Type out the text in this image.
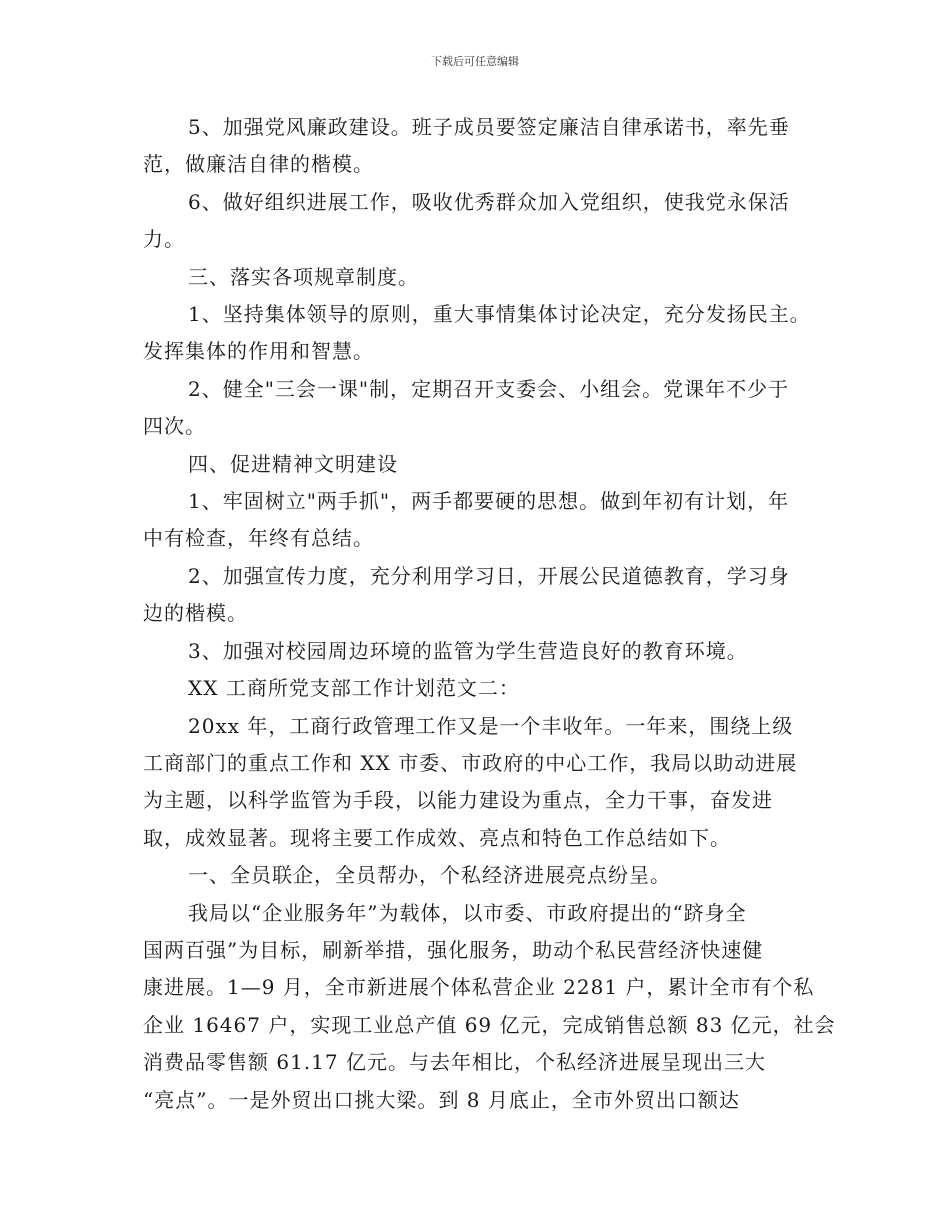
下载后可任意编辑
5、加强党风廉政建设。班子成员要签定廉洁自律承诺书，率先垂
范，做廉洁自律的楷模。
6、做好组织进展工作，吸收优秀群众加入党组织，使我党永保活
力。
三、落实各项规章制度。
1、坚持集体领导的原则，重大事情集体讨论决定，充分发扬民主。
发挥集体的作用和智慧。
2、健全"三会一课"制，定期召开支委会、小组会。党课年不少于
四次。
四、促进精神文明建设
1、牢固树立"两手抓"，两手都要硬的思想。做到年初有计划，年
中有检查，年终有总结。
2、加强宣传力度，充分利用学习日，开展公民道德教育，学习身
边的楷模。
3、加强对校园周边环境的监管为学生营造良好的教育环境。
XX 工商所党支部工作计划范文二：
20xx 年，工商行政管理工作又是一个丰收年。一年来，围绕上级
工商部门的重点工作和 XX 市委、市政府的中心工作，我局以助动进展
为主题，以科学监管为手段，以能力建设为重点，全力干事，奋发进
取，成效显著。现将主要工作成效、亮点和特色工作总结如下。
一、全员联企，全员帮办，个私经济进展亮点纷呈。
我局以“企业服务年”为载体，以市委、市政府提出的“跻身全
国两百强”为目标，刷新举措，强化服务，助动个私民营经济快速健
康进展。1—9 月，全市新进展个体私营企业 2281 户，累计全市有个私
企业 16467 户，实现工业总产值 69 亿元，完成销售总额 83 亿元，社会
消费品零售额 61.17 亿元。与去年相比，个私经济进展呈现出三大
“亮点”。一是外贸出口挑大梁。到 8 月底止，全市外贸出口额达
